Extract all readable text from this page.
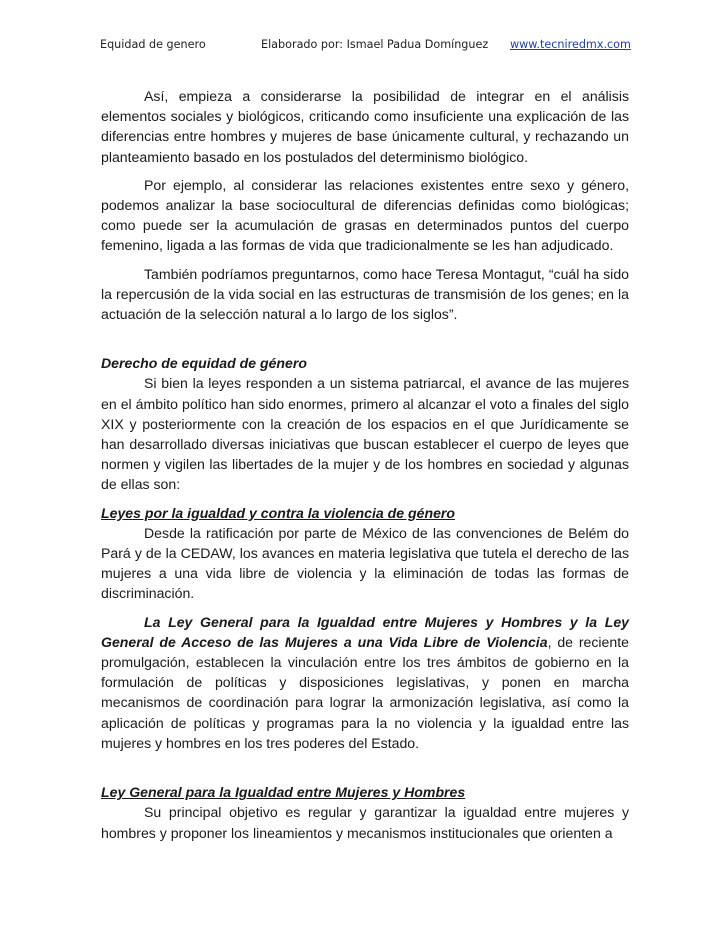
Equidad de genero	Elaborado por: Ismael Padua Domínguez www.tecniredmx.com

Así, empieza a considerarse la posibilidad de integrar en el análisis elementos sociales y biológicos, criticando como insuficiente una explicación de las diferencias entre hombres y mujeres de base únicamente cultural, y rechazando un planteamiento basado en los postulados del determinismo biológico.

Por ejemplo, al considerar las relaciones existentes entre sexo y género, podemos analizar la base sociocultural de diferencias definidas como biológicas; como puede ser la acumulación de grasas en determinados puntos del cuerpo femenino, ligada a las formas de vida que tradicionalmente se les han adjudicado.

También podríamos preguntarnos, como hace Teresa Montagut, “cuál ha sido la repercusión de la vida social en las estructuras de transmisión de los genes; en la actuación de la selección natural a lo largo de los siglos”.

Derecho de equidad de género

Si bien la leyes responden a un sistema patriarcal, el avance de las mujeres en el ámbito político han sido enormes, primero al alcanzar el voto a finales del siglo XIX y posteriormente con la creación de los espacios en el que Jurídicamente se han desarrollado diversas iniciativas que buscan establecer el cuerpo de leyes que normen y vigilen las libertades de la mujer y de los hombres en sociedad y algunas de ellas son:

Leyes por la igualdad y contra la violencia de género

Desde la ratificación por parte de México de las convenciones de Belém do Pará y de la CEDAW, los avances en materia legislativa que tutela el derecho de las mujeres a una vida libre de violencia y la eliminación de todas las formas de discriminación.

La Ley General para la Igualdad entre Mujeres y Hombres y la Ley General de Acceso de las Mujeres a una Vida Libre de Violencia, de reciente promulgación, establecen la vinculación entre los tres ámbitos de gobierno en la formulación de políticas y disposiciones legislativas, y ponen en marcha mecanismos de coordinación para lograr la armonización legislativa, así como la aplicación de políticas y programas para la no violencia y la igualdad entre las mujeres y hombres en los tres poderes del Estado.

Ley General para la Igualdad entre Mujeres y Hombres

Su principal objetivo es regular y garantizar la igualdad entre mujeres y hombres y proponer los lineamientos y mecanismos institucionales que orienten a
